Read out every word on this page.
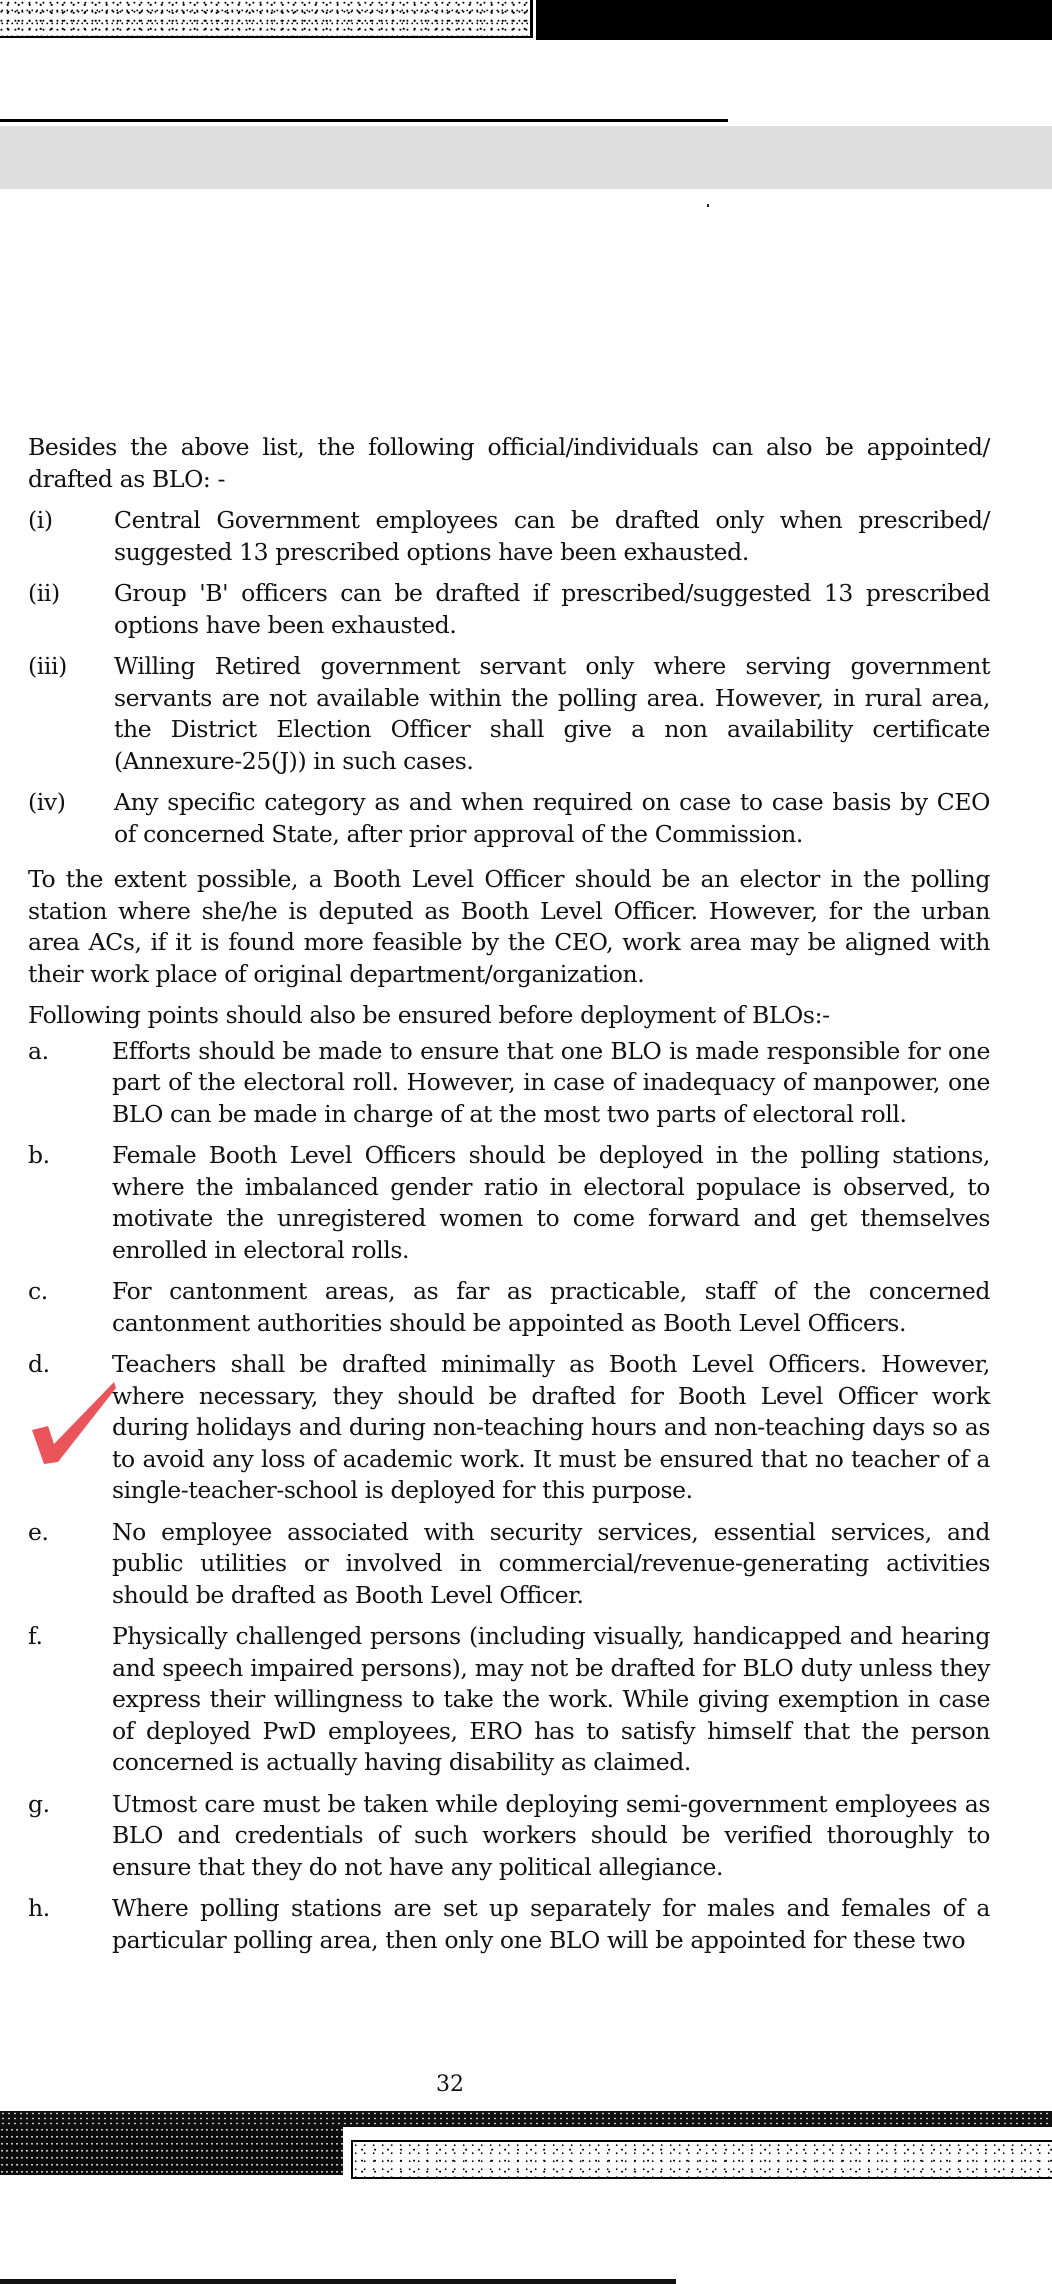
Besides the above list, the following official/individuals can also be appointed/ drafted as BLO: -

(i)	Central Government employees can be drafted only when prescribed/ suggested 13 prescribed options have been exhausted.
(ii)	Group 'B' officers can be drafted if prescribed/suggested 13 prescribed options have been exhausted.
(iii)	Willing Retired government servant only where serving government servants are not available within the polling area. However, in rural area, the District Election Officer shall give a non availability certificate (Annexure-25(J)) in such cases.
(iv)	Any specific category as and when required on case to case basis by CEO of concerned State, after prior approval of the Commission.

To the extent possible, a Booth Level Officer should be an elector in the polling station where she/he is deputed as Booth Level Officer. However, for the urban area ACs, if it is found more feasible by the CEO, work area may be aligned with their work place of original department/organization.

Following points should also be ensured before deployment of BLOs:-

a.	Efforts should be made to ensure that one BLO is made responsible for one part of the electoral roll. However, in case of inadequacy of manpower, one BLO can be made in charge of at the most two parts of electoral roll.
b.	Female Booth Level Officers should be deployed in the polling stations, where the imbalanced gender ratio in electoral populace is observed, to motivate the unregistered women to come forward and get themselves enrolled in electoral rolls.
c.	For cantonment areas, as far as practicable, staff of the concerned cantonment authorities should be appointed as Booth Level Officers.
d.	Teachers shall be drafted minimally as Booth Level Officers. However, where necessary, they should be drafted for Booth Level Officer work during holidays and during non-teaching hours and non-teaching days so as to avoid any loss of academic work. It must be ensured that no teacher of a single-teacher-school is deployed for this purpose.
e.	No employee associated with security services, essential services, and public utilities or involved in commercial/revenue-generating activities should be drafted as Booth Level Officer.
f.	Physically challenged persons (including visually, handicapped and hearing and speech impaired persons), may not be drafted for BLO duty unless they express their willingness to take the work. While giving exemption in case of deployed PwD employees, ERO has to satisfy himself that the person concerned is actually having disability as claimed.
g.	Utmost care must be taken while deploying semi-government employees as BLO and credentials of such workers should be verified thoroughly to ensure that they do not have any political allegiance.
h.	Where polling stations are set up separately for males and females of a particular polling area, then only one BLO will be appointed for these two
32
